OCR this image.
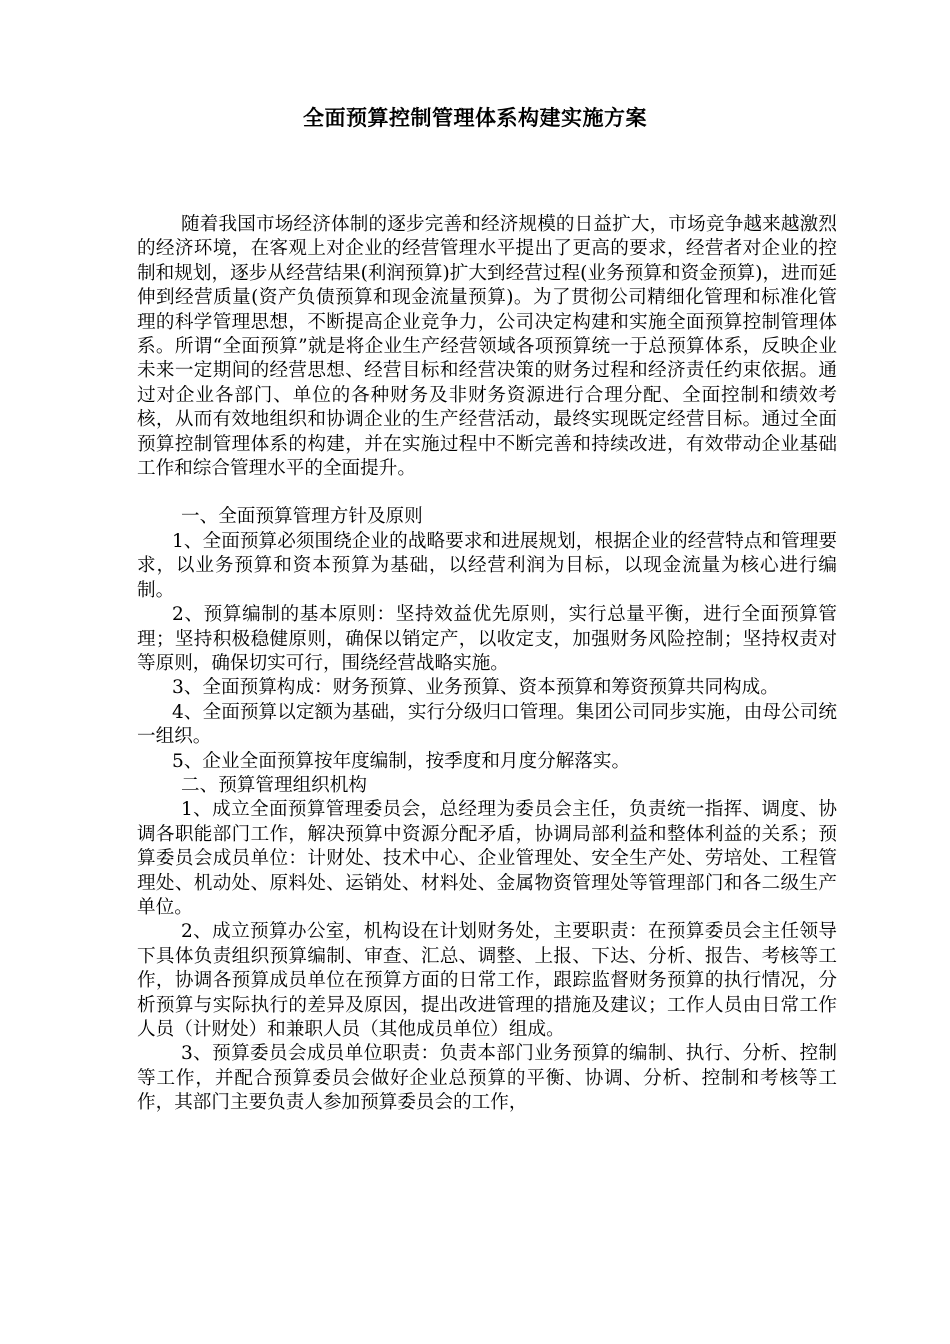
全面预算控制管理体系构建实施方案

随着我国市场经济体制的逐步完善和经济规模的日益扩大，市场竞争越来越激烈的经济环境，在客观上对企业的经营管理水平提出了更高的要求，经营者对企业的控制和规划，逐步从经营结果(利润预算)扩大到经营过程(业务预算和资金预算)，进而延伸到经营质量(资产负债预算和现金流量预算)。为了贯彻公司精细化管理和标准化管理的科学管理思想，不断提高企业竞争力，公司决定构建和实施全面预算控制管理体系。所谓“全面预算”就是将企业生产经营领域各项预算统一于总预算体系，反映企业未来一定期间的经营思想、经营目标和经营决策的财务过程和经济责任约束依据。通过对企业各部门、单位的各种财务及非财务资源进行合理分配、全面控制和绩效考核，从而有效地组织和协调企业的生产经营活动，最终实现既定经营目标。通过全面预算控制管理体系的构建，并在实施过程中不断完善和持续改进，有效带动企业基础工作和综合管理水平的全面提升。

一、全面预算管理方针及原则

1、全面预算必须围绕企业的战略要求和进展规划，根据企业的经营特点和管理要求，以业务预算和资本预算为基础，以经营利润为目标，以现金流量为核心进行编制。

2、预算编制的基本原则：坚持效益优先原则，实行总量平衡，进行全面预算管理；坚持积极稳健原则，确保以销定产，以收定支，加强财务风险控制；坚持权责对等原则，确保切实可行，围绕经营战略实施。

3、全面预算构成：财务预算、业务预算、资本预算和筹资预算共同构成。

4、全面预算以定额为基础，实行分级归口管理。集团公司同步实施，由母公司统一组织。

5、企业全面预算按年度编制，按季度和月度分解落实。

二、预算管理组织机构

1、成立全面预算管理委员会，总经理为委员会主任，负责统一指挥、调度、协调各职能部门工作，解决预算中资源分配矛盾，协调局部利益和整体利益的关系；预算委员会成员单位：计财处、技术中心、企业管理处、安全生产处、劳培处、工程管理处、机动处、原料处、运销处、材料处、金属物资管理处等管理部门和各二级生产单位。

2、成立预算办公室，机构设在计划财务处，主要职责：在预算委员会主任领导下具体负责组织预算编制、审查、汇总、调整、上报、下达、分析、报告、考核等工作，协调各预算成员单位在预算方面的日常工作，跟踪监督财务预算的执行情况，分析预算与实际执行的差异及原因，提出改进管理的措施及建议；工作人员由日常工作人员（计财处）和兼职人员（其他成员单位）组成。

3、预算委员会成员单位职责：负责本部门业务预算的编制、执行、分析、控制等工作，并配合预算委员会做好企业总预算的平衡、协调、分析、控制和考核等工作，其部门主要负责人参加预算委员会的工作，
